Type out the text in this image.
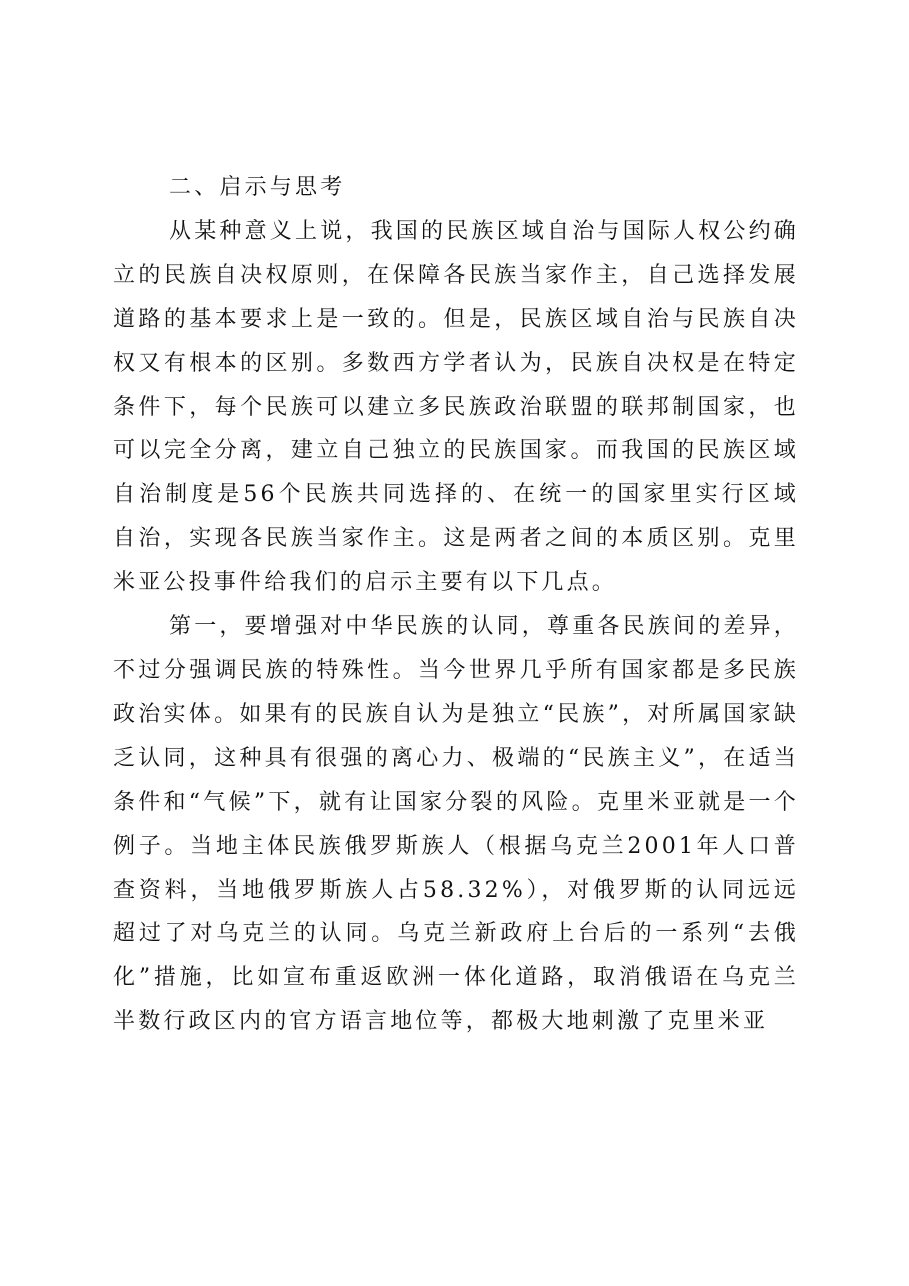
二、启示与思考

从某种意义上说，我国的民族区域自治与国际人权公约确立的民族自决权原则，在保障各民族当家作主，自己选择发展道路的基本要求上是一致的。但是，民族区域自治与民族自决权又有根本的区别。多数西方学者认为，民族自决权是在特定条件下，每个民族可以建立多民族政治联盟的联邦制国家，也可以完全分离，建立自己独立的民族国家。而我国的民族区域自治制度是56个民族共同选择的、在统一的国家里实行区域自治，实现各民族当家作主。这是两者之间的本质区别。克里米亚公投事件给我们的启示主要有以下几点。

第一，要增强对中华民族的认同，尊重各民族间的差异，不过分强调民族的特殊性。当今世界几乎所有国家都是多民族政治实体。如果有的民族自认为是独立“民族”，对所属国家缺乏认同，这种具有很强的离心力、极端的“民族主义”，在适当条件和“气候”下，就有让国家分裂的风险。克里米亚就是一个例子。当地主体民族俄罗斯族人（根据乌克兰2001年人口普查资料，当地俄罗斯族人占58.32%），对俄罗斯的认同远远超过了对乌克兰的认同。乌克兰新政府上台后的一系列“去俄化”措施，比如宣布重返欧洲一体化道路，取消俄语在乌克兰半数行政区内的官方语言地位等，都极大地刺激了克里米亚
